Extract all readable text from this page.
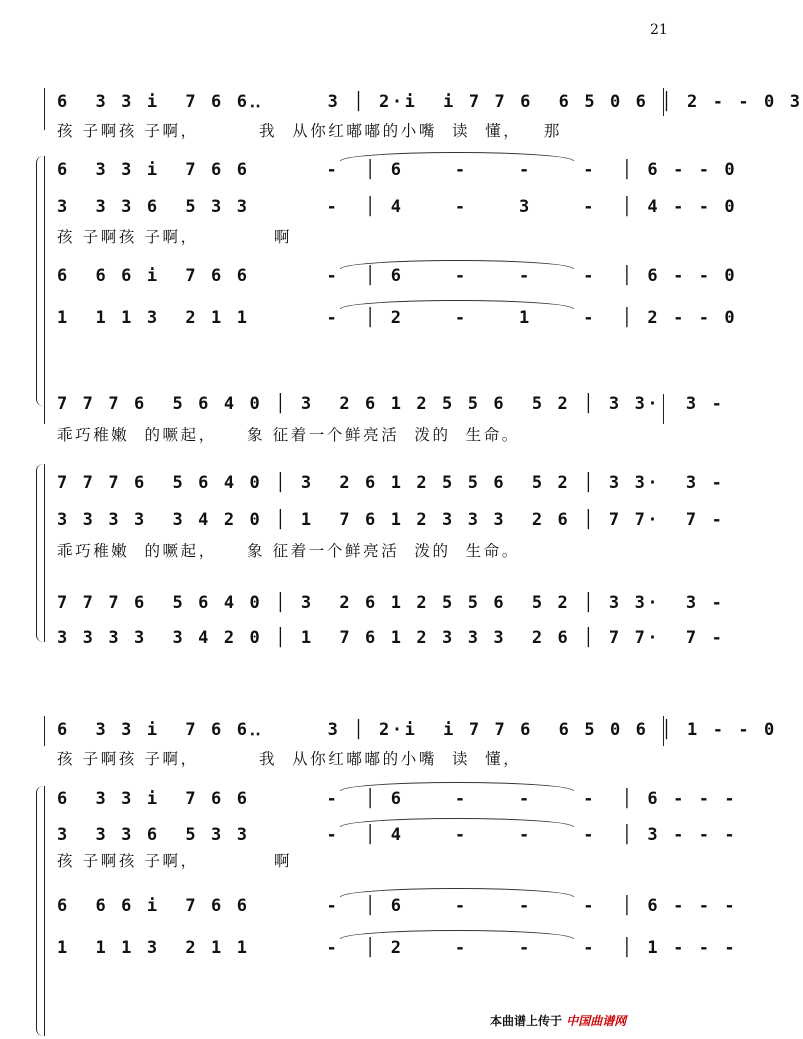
21
6  3 3 i  7 6 6‥     3 │ 2·i  i 7 7 6  6 5 0 6 │ 2 - - 0 3
孩 子啊孩 子啊，        我  从你红嘟嘟的小嘴  读  懂，   那
6  3 3 i  7 6 6      -  │ 6    -    -    -  │ 6 - - 0
3  3 3 6  5 3 3      -  │ 4    -    3    -  │ 4 - - 0
孩 子啊孩 子啊，          啊
6  6 6 i  7 6 6      -  │ 6    -    -    -  │ 6 - - 0
1  1 1 3  2 1 1      -  │ 2    -    1    -  │ 2 - - 0
7 7 7 6  5 6 4 0 │ 3  2 6 1 2 5 5 6  5 2 │ 3 3·  3 -
乖巧稚嫩  的噘起，    象 征着一个鲜亮活  泼的  生命。
7 7 7 6  5 6 4 0 │ 3  2 6 1 2 5 5 6  5 2 │ 3 3·  3 -
3 3 3 3  3 4 2 0 │ 1  7 6 1 2 3 3 3  2 6 │ 7 7·  7 -
乖巧稚嫩  的噘起，    象 征着一个鲜亮活  泼的  生命。
7 7 7 6  5 6 4 0 │ 3  2 6 1 2 5 5 6  5 2 │ 3 3·  3 -
3 3 3 3  3 4 2 0 │ 1  7 6 1 2 3 3 3  2 6 │ 7 7·  7 -
6  3 3 i  7 6 6‥     3 │ 2·i  i 7 7 6  6 5 0 6 │ 1 - - 0
孩 子啊孩 子啊，        我  从你红嘟嘟的小嘴  读  懂，
6  3 3 i  7 6 6      -  │ 6    -    -    -  │ 6 - - -
3  3 3 6  5 3 3      -  │ 4    -    -    -  │ 3 - - -
孩 子啊孩 子啊，          啊
6  6 6 i  7 6 6      -  │ 6    -    -    -  │ 6 - - -
1  1 1 3  2 1 1      -  │ 2    -    -    -  │ 1 - - -
本曲谱上传于 中国曲谱网
